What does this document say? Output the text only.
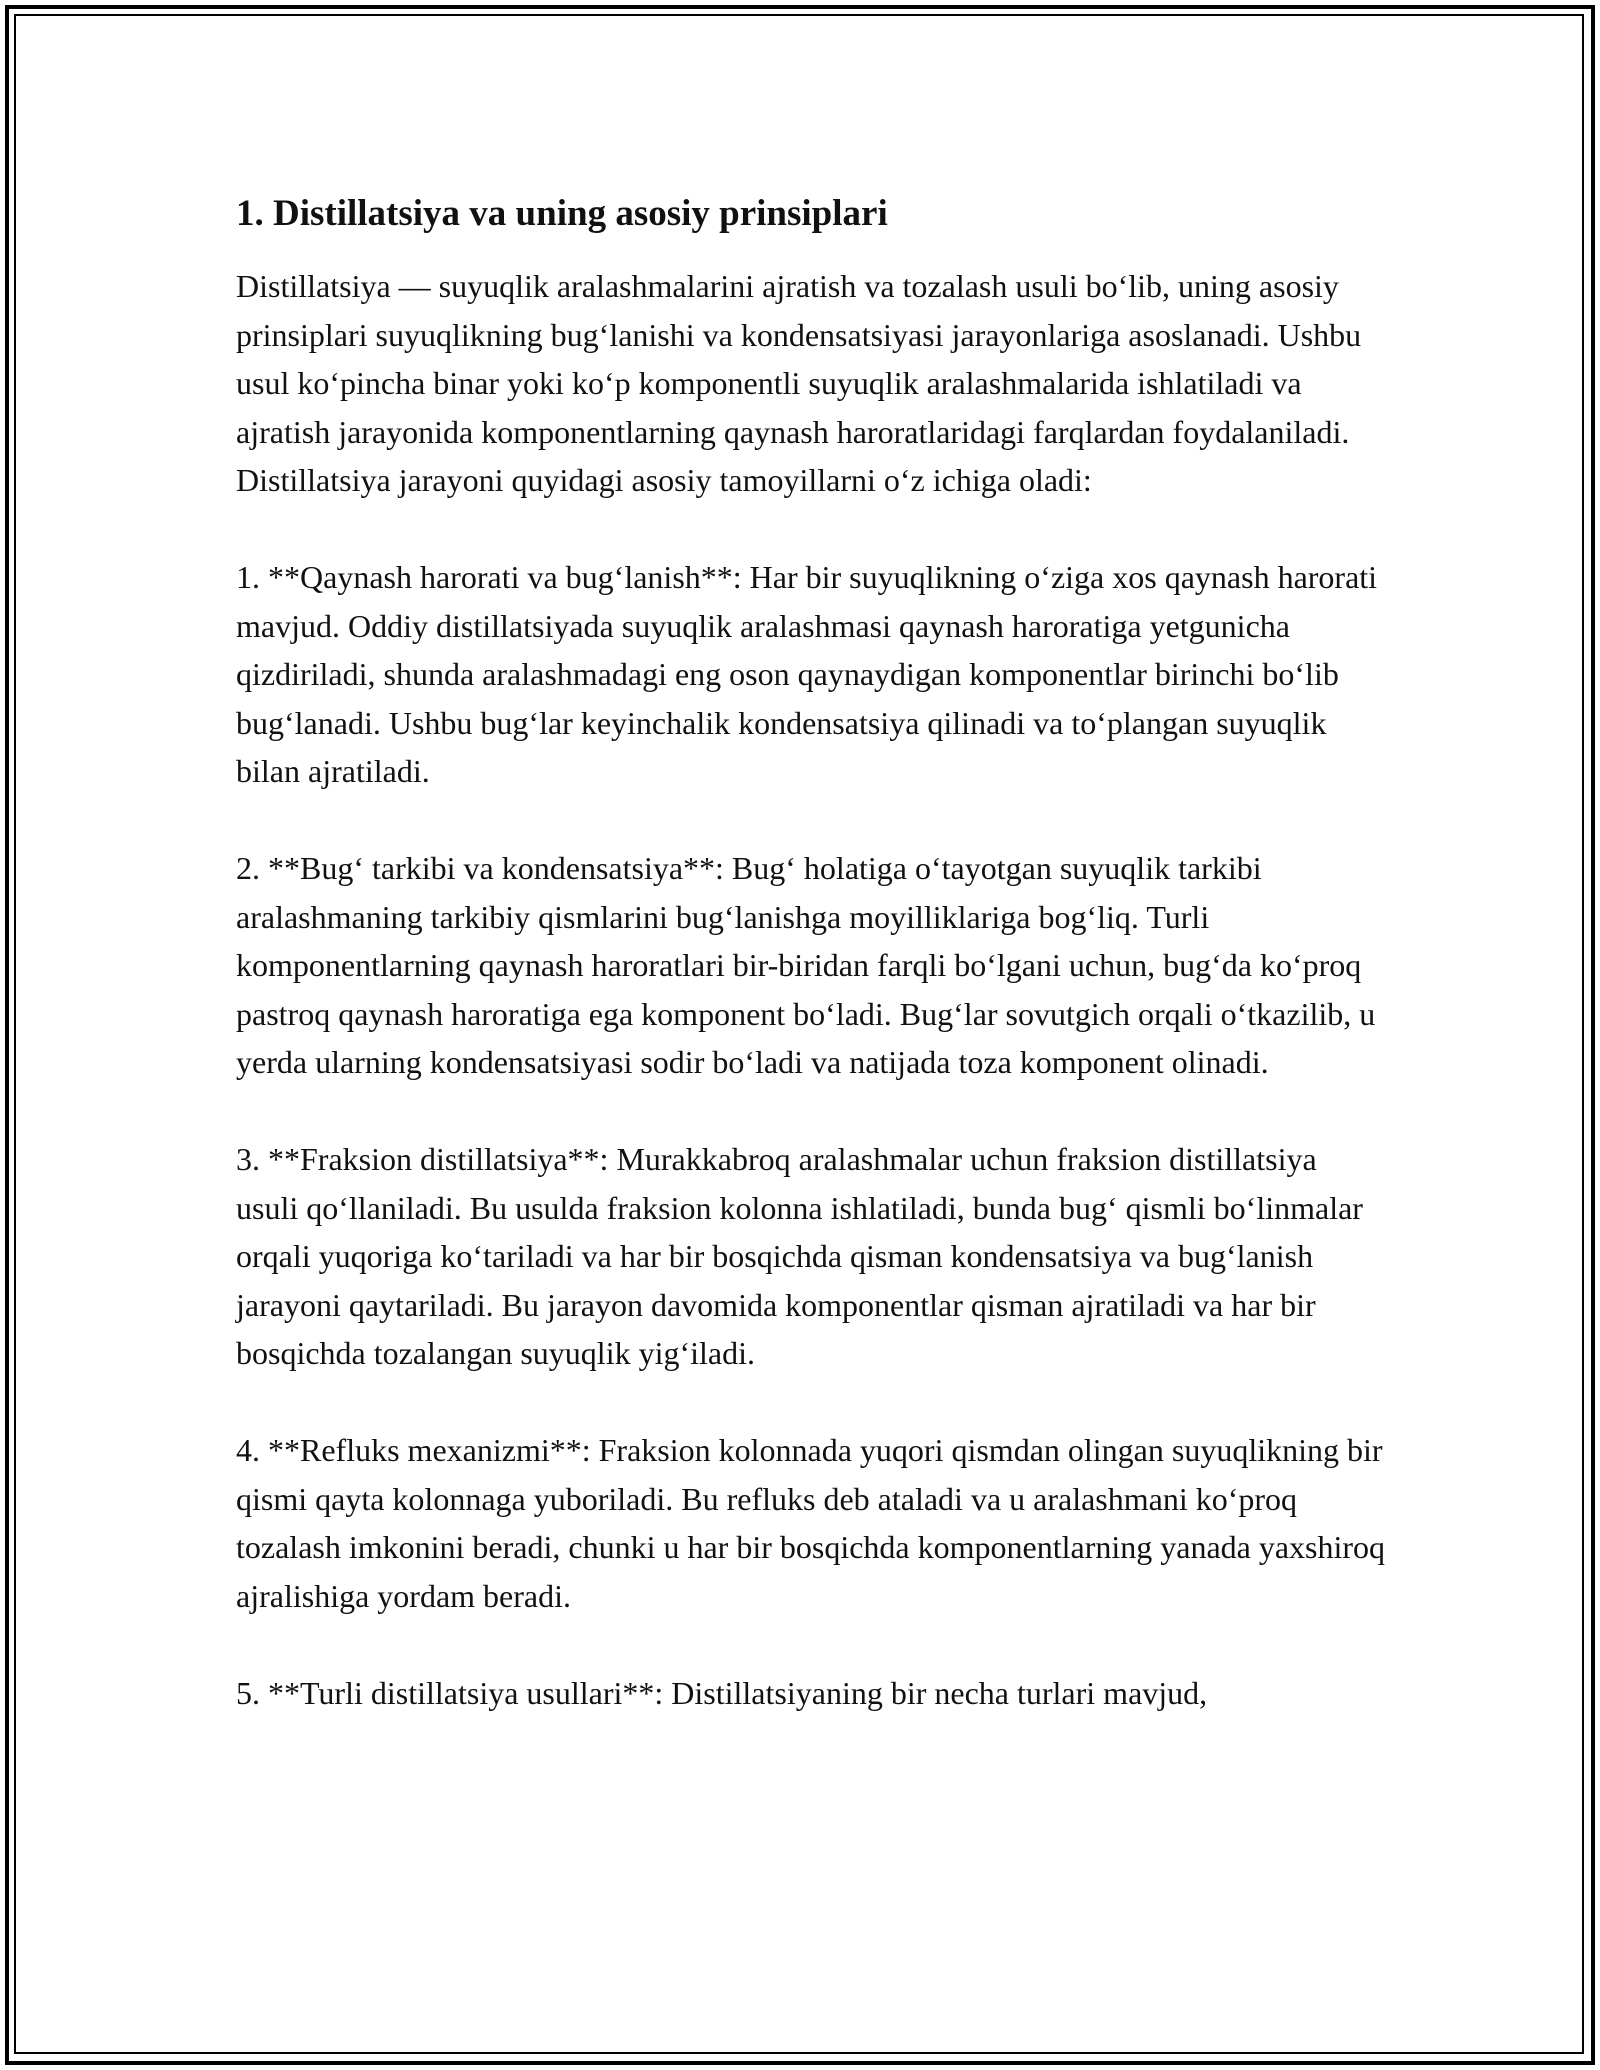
1. Distillatsiya va uning asosiy prinsiplari

Distillatsiya — suyuqlik aralashmalarini ajratish va tozalash usuli bo‘lib, uning asosiy prinsiplari suyuqlikning bug‘lanishi va kondensatsiyasi jarayonlariga asoslanadi. Ushbu usul ko‘pincha binar yoki ko‘p komponentli suyuqlik aralashmalarida ishlatiladi va ajratish jarayonida komponentlarning qaynash haroratlaridagi farqlardan foydalaniladi. Distillatsiya jarayoni quyidagi asosiy tamoyillarni o‘z ichiga oladi:

1. **Qaynash harorati va bug‘lanish**: Har bir suyuqlikning o‘ziga xos qaynash harorati mavjud. Oddiy distillatsiyada suyuqlik aralashmasi qaynash haroratiga yetgunicha qizdiriladi, shunda aralashmadagi eng oson qaynaydigan komponentlar birinchi bo‘lib bug‘lanadi. Ushbu bug‘lar keyinchalik kondensatsiya qilinadi va to‘plangan suyuqlik bilan ajratiladi.

2. **Bug‘ tarkibi va kondensatsiya**: Bug‘ holatiga o‘tayotgan suyuqlik tarkibi aralashmaning tarkibiy qismlarini bug‘lanishga moyilliklariga bog‘liq. Turli komponentlarning qaynash haroratlari bir-biridan farqli bo‘lgani uchun, bug‘da ko‘proq pastroq qaynash haroratiga ega komponent bo‘ladi. Bug‘lar sovutgich orqali o‘tkazilib, u yerda ularning kondensatsiyasi sodir bo‘ladi va natijada toza komponent olinadi.

3. **Fraksion distillatsiya**: Murakkabroq aralashmalar uchun fraksion distillatsiya usuli qo‘llaniladi. Bu usulda fraksion kolonna ishlatiladi, bunda bug‘ qismli bo‘linmalar orqali yuqoriga ko‘tariladi va har bir bosqichda qisman kondensatsiya va bug‘lanish jarayoni qaytariladi. Bu jarayon davomida komponentlar qisman ajratiladi va har bir bosqichda tozalangan suyuqlik yig‘iladi.

4. **Refluks mexanizmi**: Fraksion kolonnada yuqori qismdan olingan suyuqlikning bir qismi qayta kolonnaga yuboriladi. Bu refluks deb ataladi va u aralashmani ko‘proq tozalash imkonini beradi, chunki u har bir bosqichda komponentlarning yanada yaxshiroq ajralishiga yordam beradi.

5. **Turli distillatsiya usullari**: Distillatsiyaning bir necha turlari mavjud,
